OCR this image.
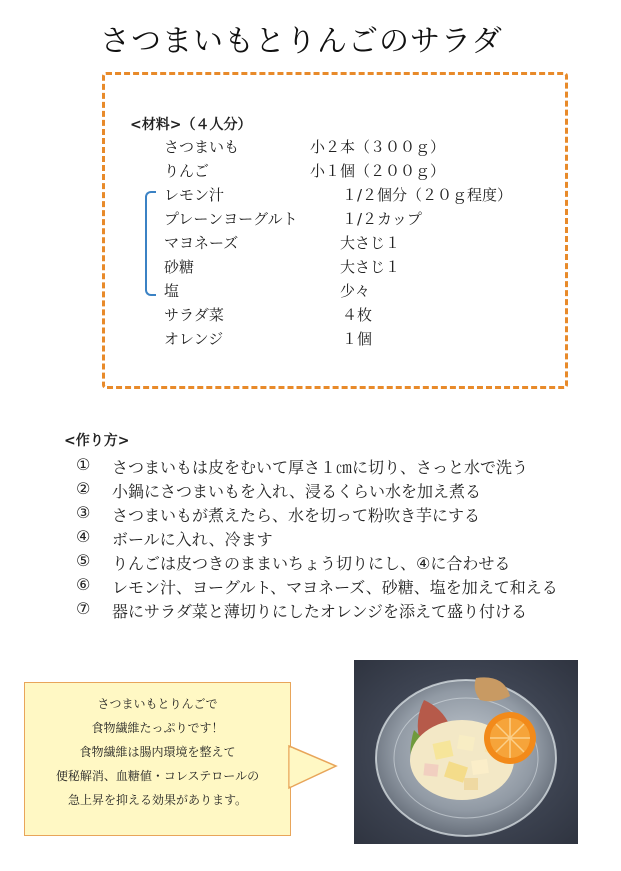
さつまいもとりんごのサラダ
<材料>（４人分）
さつまいも	小２本（３００ｇ）
りんご	小１個（２００ｇ）
レモン汁	１/２個分（２０ｇ程度）
プレーンヨーグルト	１/２カップ
マヨネーズ	大さじ１
砂糖	大さじ１
塩	少々
サラダ菜	４枚
オレンジ	１個
<作り方>
① さつまいもは皮をむいて厚さ１㎝に切り、さっと水で洗う
② 小鍋にさつまいもを入れ、浸るくらい水を加え煮る
③ さつまいもが煮えたら、水を切って粉吹き芋にする
④ ボールに入れ、冷ます
⑤ りんごは皮つきのままいちょう切りにし、④に合わせる
⑥ レモン汁、ヨーグルト、マヨネーズ、砂糖、塩を加えて和える
⑦ 器にサラダ菜と薄切りにしたオレンジを添えて盛り付ける
さつまいもとりんごで
食物繊維たっぷりです！
食物繊維は腸内環境を整えて
便秘解消、血糖値・コレステロールの
急上昇を抑える効果があります。
